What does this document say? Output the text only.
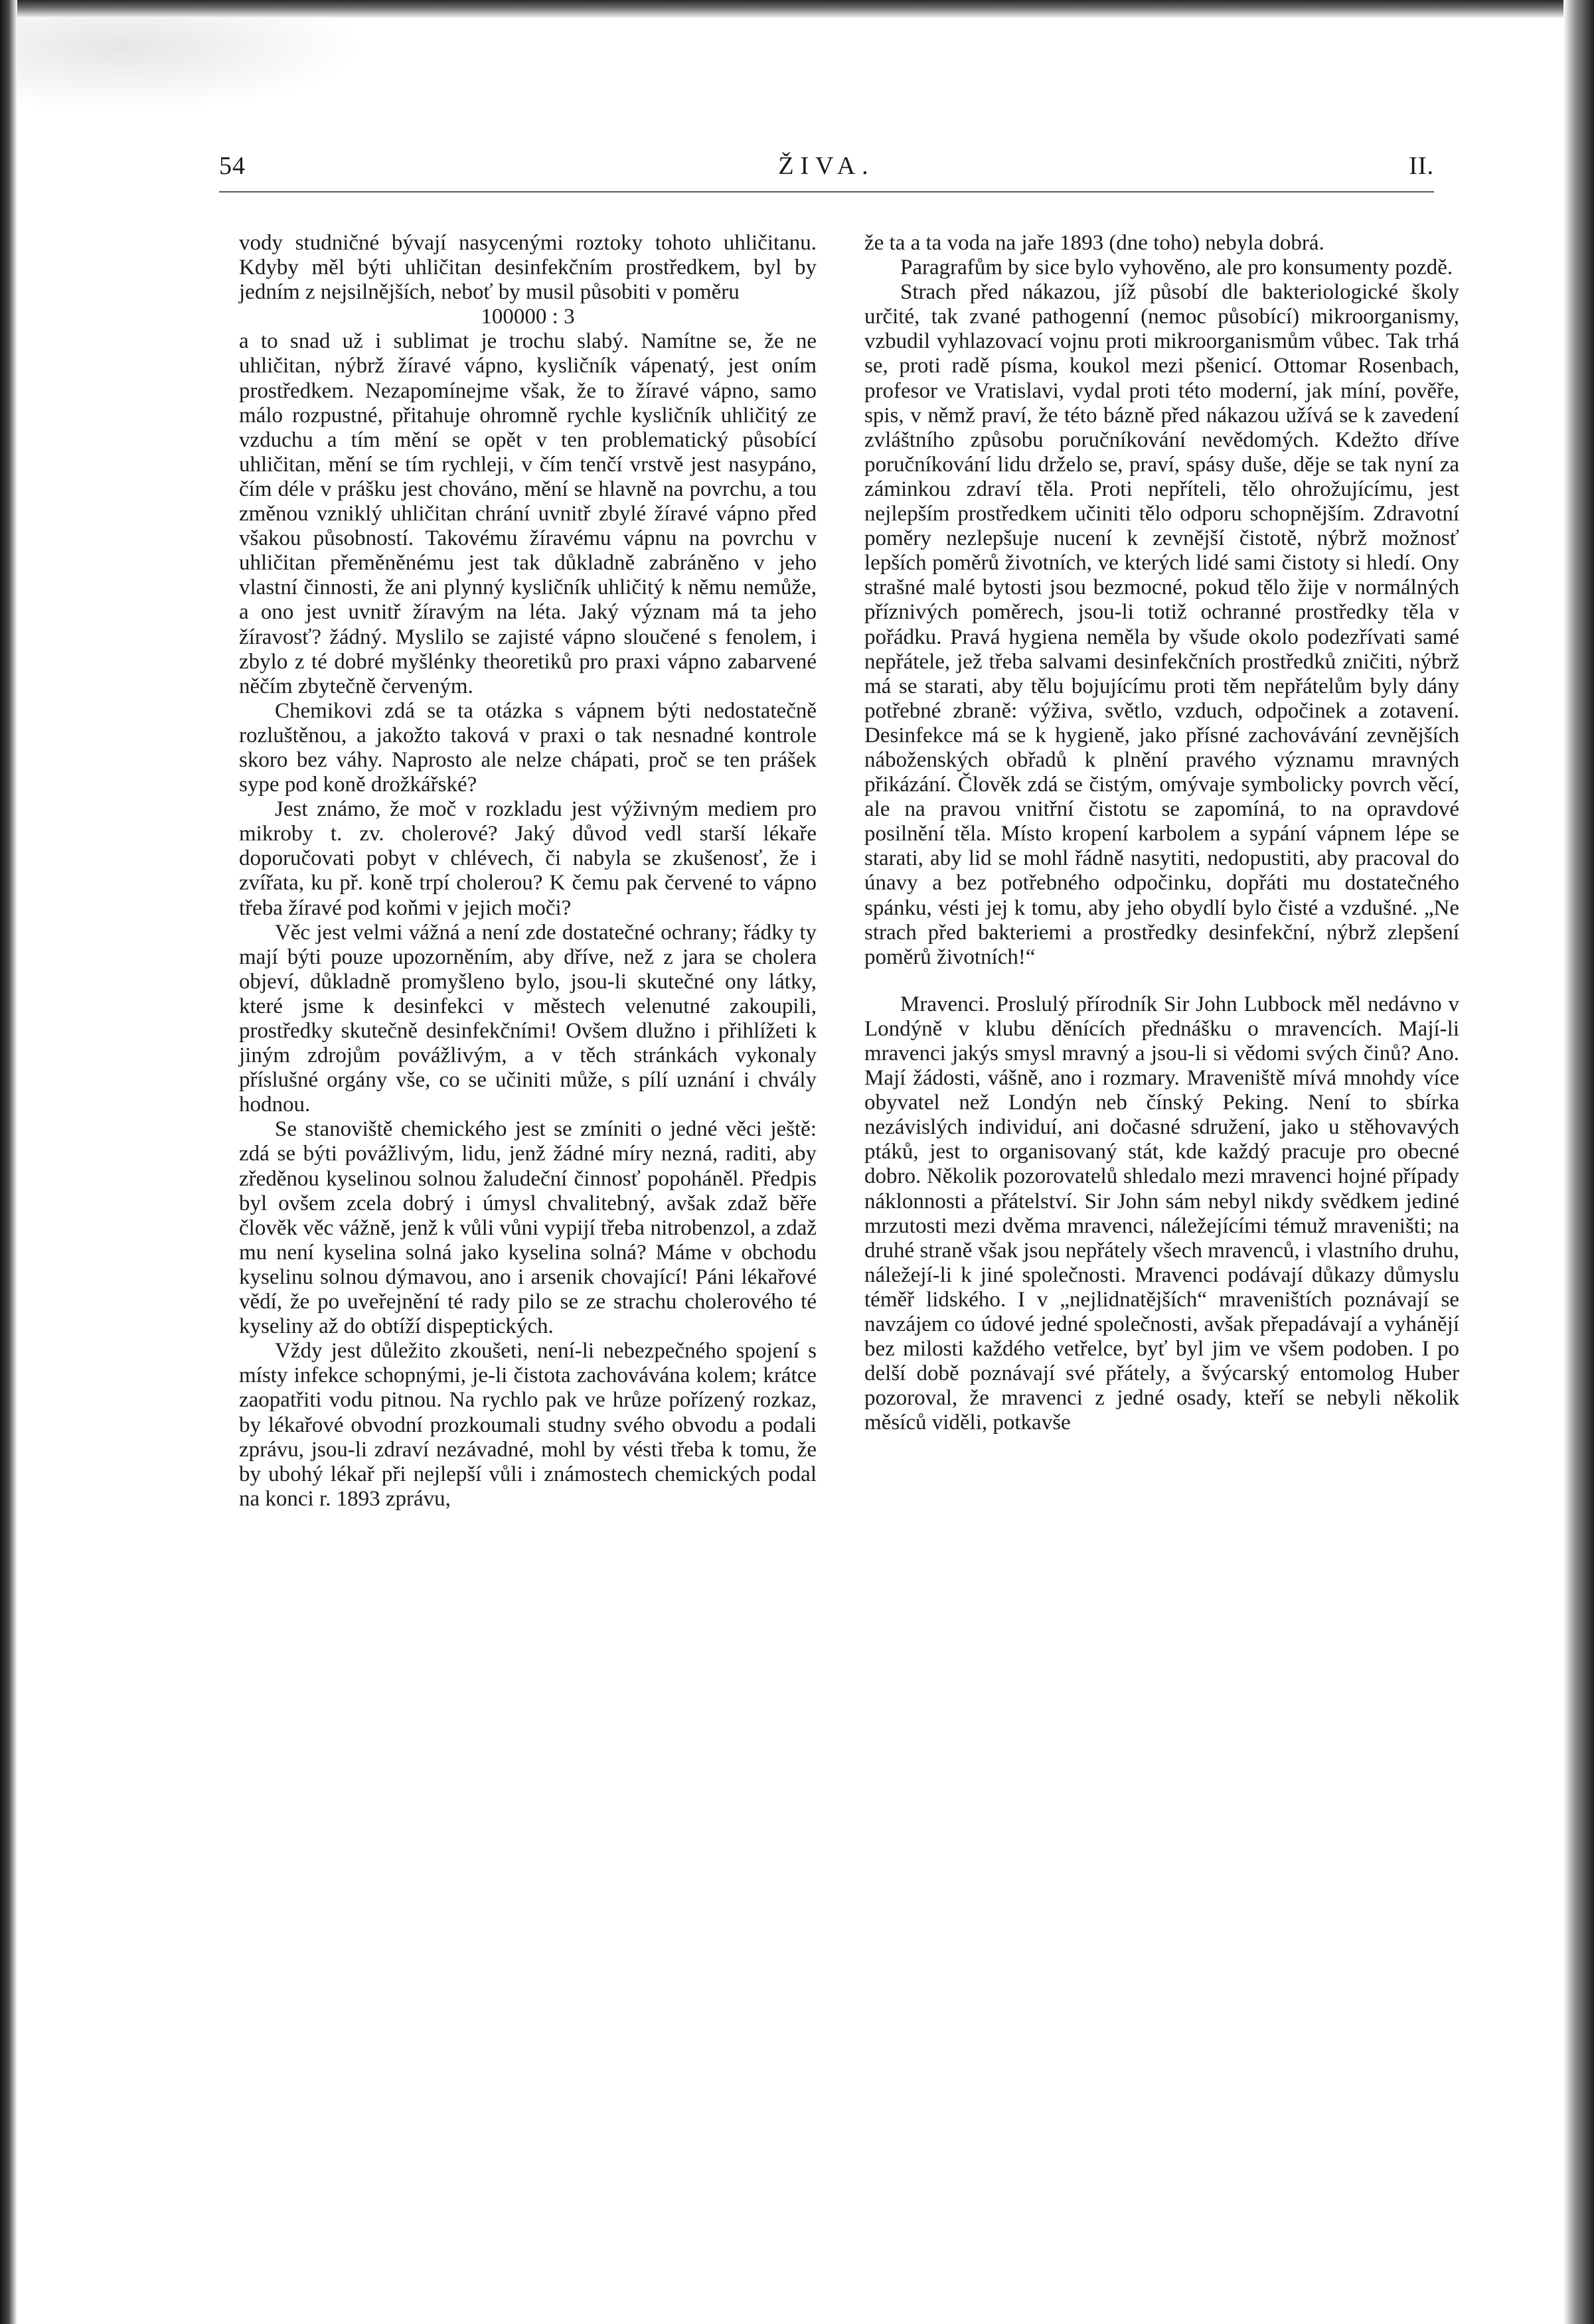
ŽIVA.
54	II.

vody studničné bývají nasycenými roztoky tohoto uhličitanu. Kdyby měl býti uhličitan desinfekčním prostředkem, byl by jedním z nejsilnějších, neboť by musil působiti v poměru

100000 : 3

a to snad už i sublimat je trochu slabý. Namítne se, že ne uhličitan, nýbrž žíravé vápno, kysličník vápenatý, jest oním prostředkem. Nezapomínejme však, že to žíravé vápno, samo málo rozpustné, přitahuje ohromně rychle kysličník uhličitý ze vzduchu a tím mění se opět v ten problematický působící uhličitan, mění se tím rychleji, v čím tenčí vrstvě jest nasypáno, čím déle v prášku jest chováno, mění se hlavně na povrchu, a tou změnou vzniklý uhličitan chrání uvnitř zbylé žíravé vápno před všakou působností. Takovému žíravému vápnu na povrchu v uhličitan přeměněnému jest tak důkladně zabráněno v jeho vlastní činnosti, že ani plynný kysličník uhličitý k němu nemůže, a ono jest uvnitř žíravým na léta. Jaký význam má ta jeho žíravosť? žádný. Myslilo se zajisté vápno sloučené s fenolem, i zbylo z té dobré myšlénky theoretiků pro praxi vápno zabarvené něčím zbytečně červeným.

Chemikovi zdá se ta otázka s vápnem býti nedostatečně rozluštěnou, a jakožto taková v praxi o tak nesnadné kontrole skoro bez váhy. Naprosto ale nelze chápati, proč se ten prášek sype pod koně drožkářské?

Jest známo, že moč v rozkladu jest výživným mediem pro mikroby t. zv. cholerové? Jaký důvod vedl starší lékaře doporučovati pobyt v chlévech, či nabyla se zkušenosť, že i zvířata, ku př. koně trpí cholerou? K čemu pak červené to vápno třeba žíravé pod koňmi v jejich moči?

Věc jest velmi vážná a není zde dostatečné ochrany; řádky ty mají býti pouze upozorněním, aby dříve, než z jara se cholera objeví, důkladně promyšleno bylo, jsou-li skutečné ony látky, které jsme k desinfekci v městech velenutné zakoupili, prostředky skutečně desinfekčními! Ovšem dlužno i přihlížeti k jiným zdrojům povážlivým, a v těch stránkách vykonaly příslušné orgány vše, co se učiniti může, s pílí uznání i chvály hodnou.

Se stanoviště chemického jest se zmíniti o jedné věci ještě: zdá se býti povážlivým, lidu, jenž žádné míry nezná, raditi, aby zředěnou kyselinou solnou žaludeční činnosť popoháněl. Předpis byl ovšem zcela dobrý i úmysl chvalitebný, avšak zdaž běře člověk věc vážně, jenž k vůli vůni vypijí třeba nitrobenzol, a zdaž mu není kyselina solná jako kyselina solná? Máme v obchodu kyselinu solnou dýmavou, ano i arsenik chovající! Páni lékařové vědí, že po uveřejnění té rady pilo se ze strachu cholerového té kyseliny až do obtíží dispeptických.

Vždy jest důležito zkoušeti, není-li nebezpečného spojení s místy infekce schopnými, je-li čistota zachovávána kolem; krátce zaopatřiti vodu pitnou. Na rychlo pak ve hrůze pořízený rozkaz, by lékařové obvodní prozkoumali studny svého obvodu a podali zprávu, jsou-li zdraví nezávadné, mohl by vésti třeba k tomu, že by ubohý lékař při nejlepší vůli i známostech chemických podal na konci r. 1893 zprávu,

že ta a ta voda na jaře 1893 (dne toho) nebyla dobrá.

Paragrafům by sice bylo vyhověno, ale pro konsumenty pozdě.

Strach před nákazou, jíž působí dle bakteriologické školy určité, tak zvané pathogenní (nemoc působící) mikroorganismy, vzbudil vyhlazovací vojnu proti mikroorganismům vůbec. Tak trhá se, proti radě písma, koukol mezi pšenicí. Ottomar Rosenbach, profesor ve Vratislavi, vydal proti této moderní, jak míní, pověře, spis, v němž praví, že této bázně před nákazou užívá se k zavedení zvláštního způsobu poručníkování nevědomých. Kdežto dříve poručníkování lidu drželo se, praví, spásy duše, děje se tak nyní za záminkou zdraví těla. Proti nepříteli, tělo ohrožujícímu, jest nejlepším prostředkem učiniti tělo odporu schopnějším. Zdravotní poměry nezlepšuje nucení k zevnější čistotě, nýbrž možnosť lepších poměrů životních, ve kterých lidé sami čistoty si hledí. Ony strašné malé bytosti jsou bezmocné, pokud tělo žije v normálných příznivých poměrech, jsou-li totiž ochranné prostředky těla v pořádku. Pravá hygiena neměla by všude okolo podezřívati samé nepřátele, jež třeba salvami desinfekčních prostředků zničiti, nýbrž má se starati, aby tělu bojujícímu proti těm nepřátelům byly dány potřebné zbraně: výživa, světlo, vzduch, odpočinek a zotavení. Desinfekce má se k hygieně, jako přísné zachovávání zevnějších náboženských obřadů k plnění pravého významu mravných přikázání. Člověk zdá se čistým, omývaje symbolicky povrch věcí, ale na pravou vnitřní čistotu se zapomíná, to na opravdové posilnění těla. Místo kropení karbolem a sypání vápnem lépe se starati, aby lid se mohl řádně nasytiti, nedopustiti, aby pracoval do únavy a bez potřebného odpočinku, dopřáti mu dostatečného spánku, vésti jej k tomu, aby jeho obydlí bylo čisté a vzdušné. „Ne strach před bakteriemi a prostředky desinfekční, nýbrž zlepšení poměrů životních!“

Mravenci. Proslulý přírodník Sir John Lubbock měl nedávno v Londýně v klubu děnících přednášku o mravencích. Mají-li mravenci jakýs smysl mravný a jsou-li si vědomi svých činů? Ano. Mají žádosti, vášně, ano i rozmary. Mraveniště mívá mnohdy více obyvatel než Londýn neb čínský Peking. Není to sbírka nezávislých individuí, ani dočasné sdružení, jako u stěhovavých ptáků, jest to organisovaný stát, kde každý pracuje pro obecné dobro. Několik pozorovatelů shledalo mezi mravenci hojné případy náklonnosti a přátelství. Sir John sám nebyl nikdy svědkem jediné mrzutosti mezi dvěma mravenci, náležejícími témuž mraveništi; na druhé straně však jsou nepřátely všech mravenců, i vlastního druhu, náležejí-li k jiné společnosti. Mravenci podávají důkazy důmyslu téměř lidského. I v „nejlidnatějších“ mraveništích poznávají se navzájem co údové jedné společnosti, avšak přepadávají a vyhánějí bez milosti každého vetřelce, byť byl jim ve všem podoben. I po delší době poznávají své přátely, a švýcarský entomolog Huber pozoroval, že mravenci z jedné osady, kteří se nebyli několik měsíců viděli, potkavše
